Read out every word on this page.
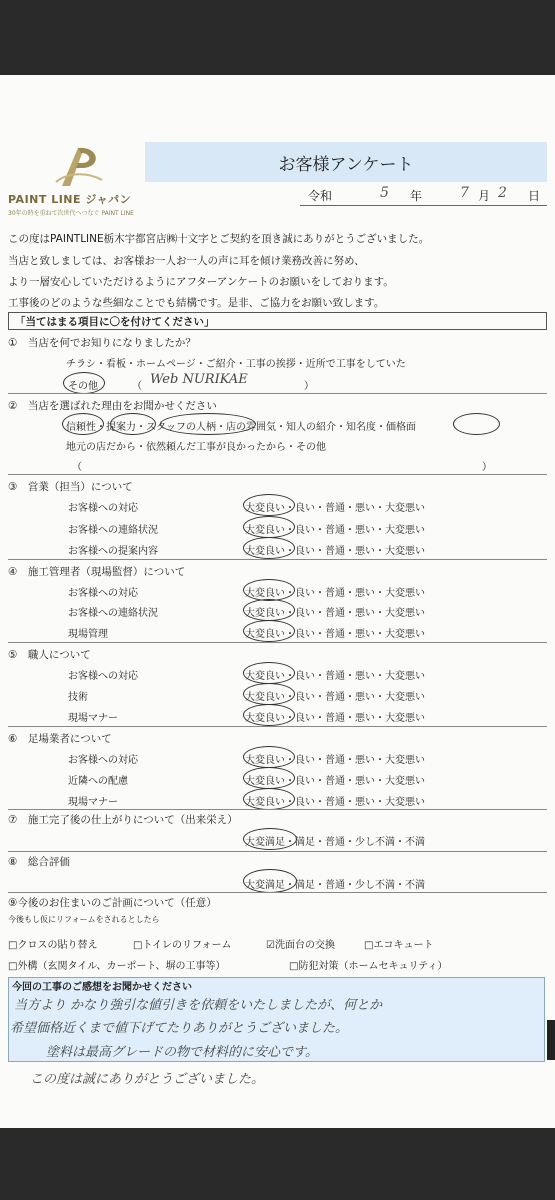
PAINT LINE ジャパン
30年の時を重ねて次世代へつなぐ PAINT LINE
お客様アンケート
令和	5 年	7 月 2 日
この度はPAINTLINE栃木宇都宮店㈱十文字とご契約を頂き誠にありがとうございました。
当店と致しましては、お客様お一人お一人の声に耳を傾け業務改善に努め、
より一層安心していただけるようにアフターアンケートのお願いをしております。
工事後のどのような些細なことでも結構です。是非、ご協力をお願い致します。
「当てはまる項目に〇を付けてください」
①　当店を何でお知りになりましたか？
チラシ・看板・ホームページ・ご紹介・工事の挨拶・近所で工事をしていた
その他	（ Web NURIKAE	）
②　当店を選ばれた理由をお聞かせください
信頼性・提案力・スタッフの人柄・店の雰囲気・知人の紹介・知名度・価格面
地元の店だから・依然頼んだ工事が良かったから・その他
（	）
③　営業（担当）について
お客様への対応	大変良い・良い・普通・悪い・大変悪い
お客様への連絡状況	大変良い・良い・普通・悪い・大変悪い
お客様への提案内容	大変良い・良い・普通・悪い・大変悪い
④　施工管理者（現場監督）について
お客様への対応	大変良い・良い・普通・悪い・大変悪い
お客様への連絡状況	大変良い・良い・普通・悪い・大変悪い
現場管理	大変良い・良い・普通・悪い・大変悪い
⑤　職人について
お客様への対応	大変良い・良い・普通・悪い・大変悪い
技術	大変良い・良い・普通・悪い・大変悪い
現場マナー	大変良い・良い・普通・悪い・大変悪い
⑥　足場業者について
お客様への対応	大変良い・良い・普通・悪い・大変悪い
近隣への配慮	大変良い・良い・普通・悪い・大変悪い
現場マナー	大変良い・良い・普通・悪い・大変悪い
⑦　施工完了後の仕上がりについて（出来栄え）
大変満足・満足・普通・少し不満・不満
⑧　総合評価
大変満足・満足・普通・少し不満・不満
⑨今後のお住まいのご計画について（任意）
今後もし仮にリフォームをされるとしたら
□クロスの貼り替え	□トイレのリフォーム	☑洗面台の交換	□エコキュート
□外構（玄関タイル、カーポート、塀の工事等）	□防犯対策（ホームセキュリティ）
今回の工事のご感想をお聞かせください
当方より かなり強引な値引きを依頼をいたしましたが、何とか
希望価格近くまで値下げてたりありがとうございました。
塗料は最高グレードの物で材料的に安心です。
この度は誠にありがとうございました。
